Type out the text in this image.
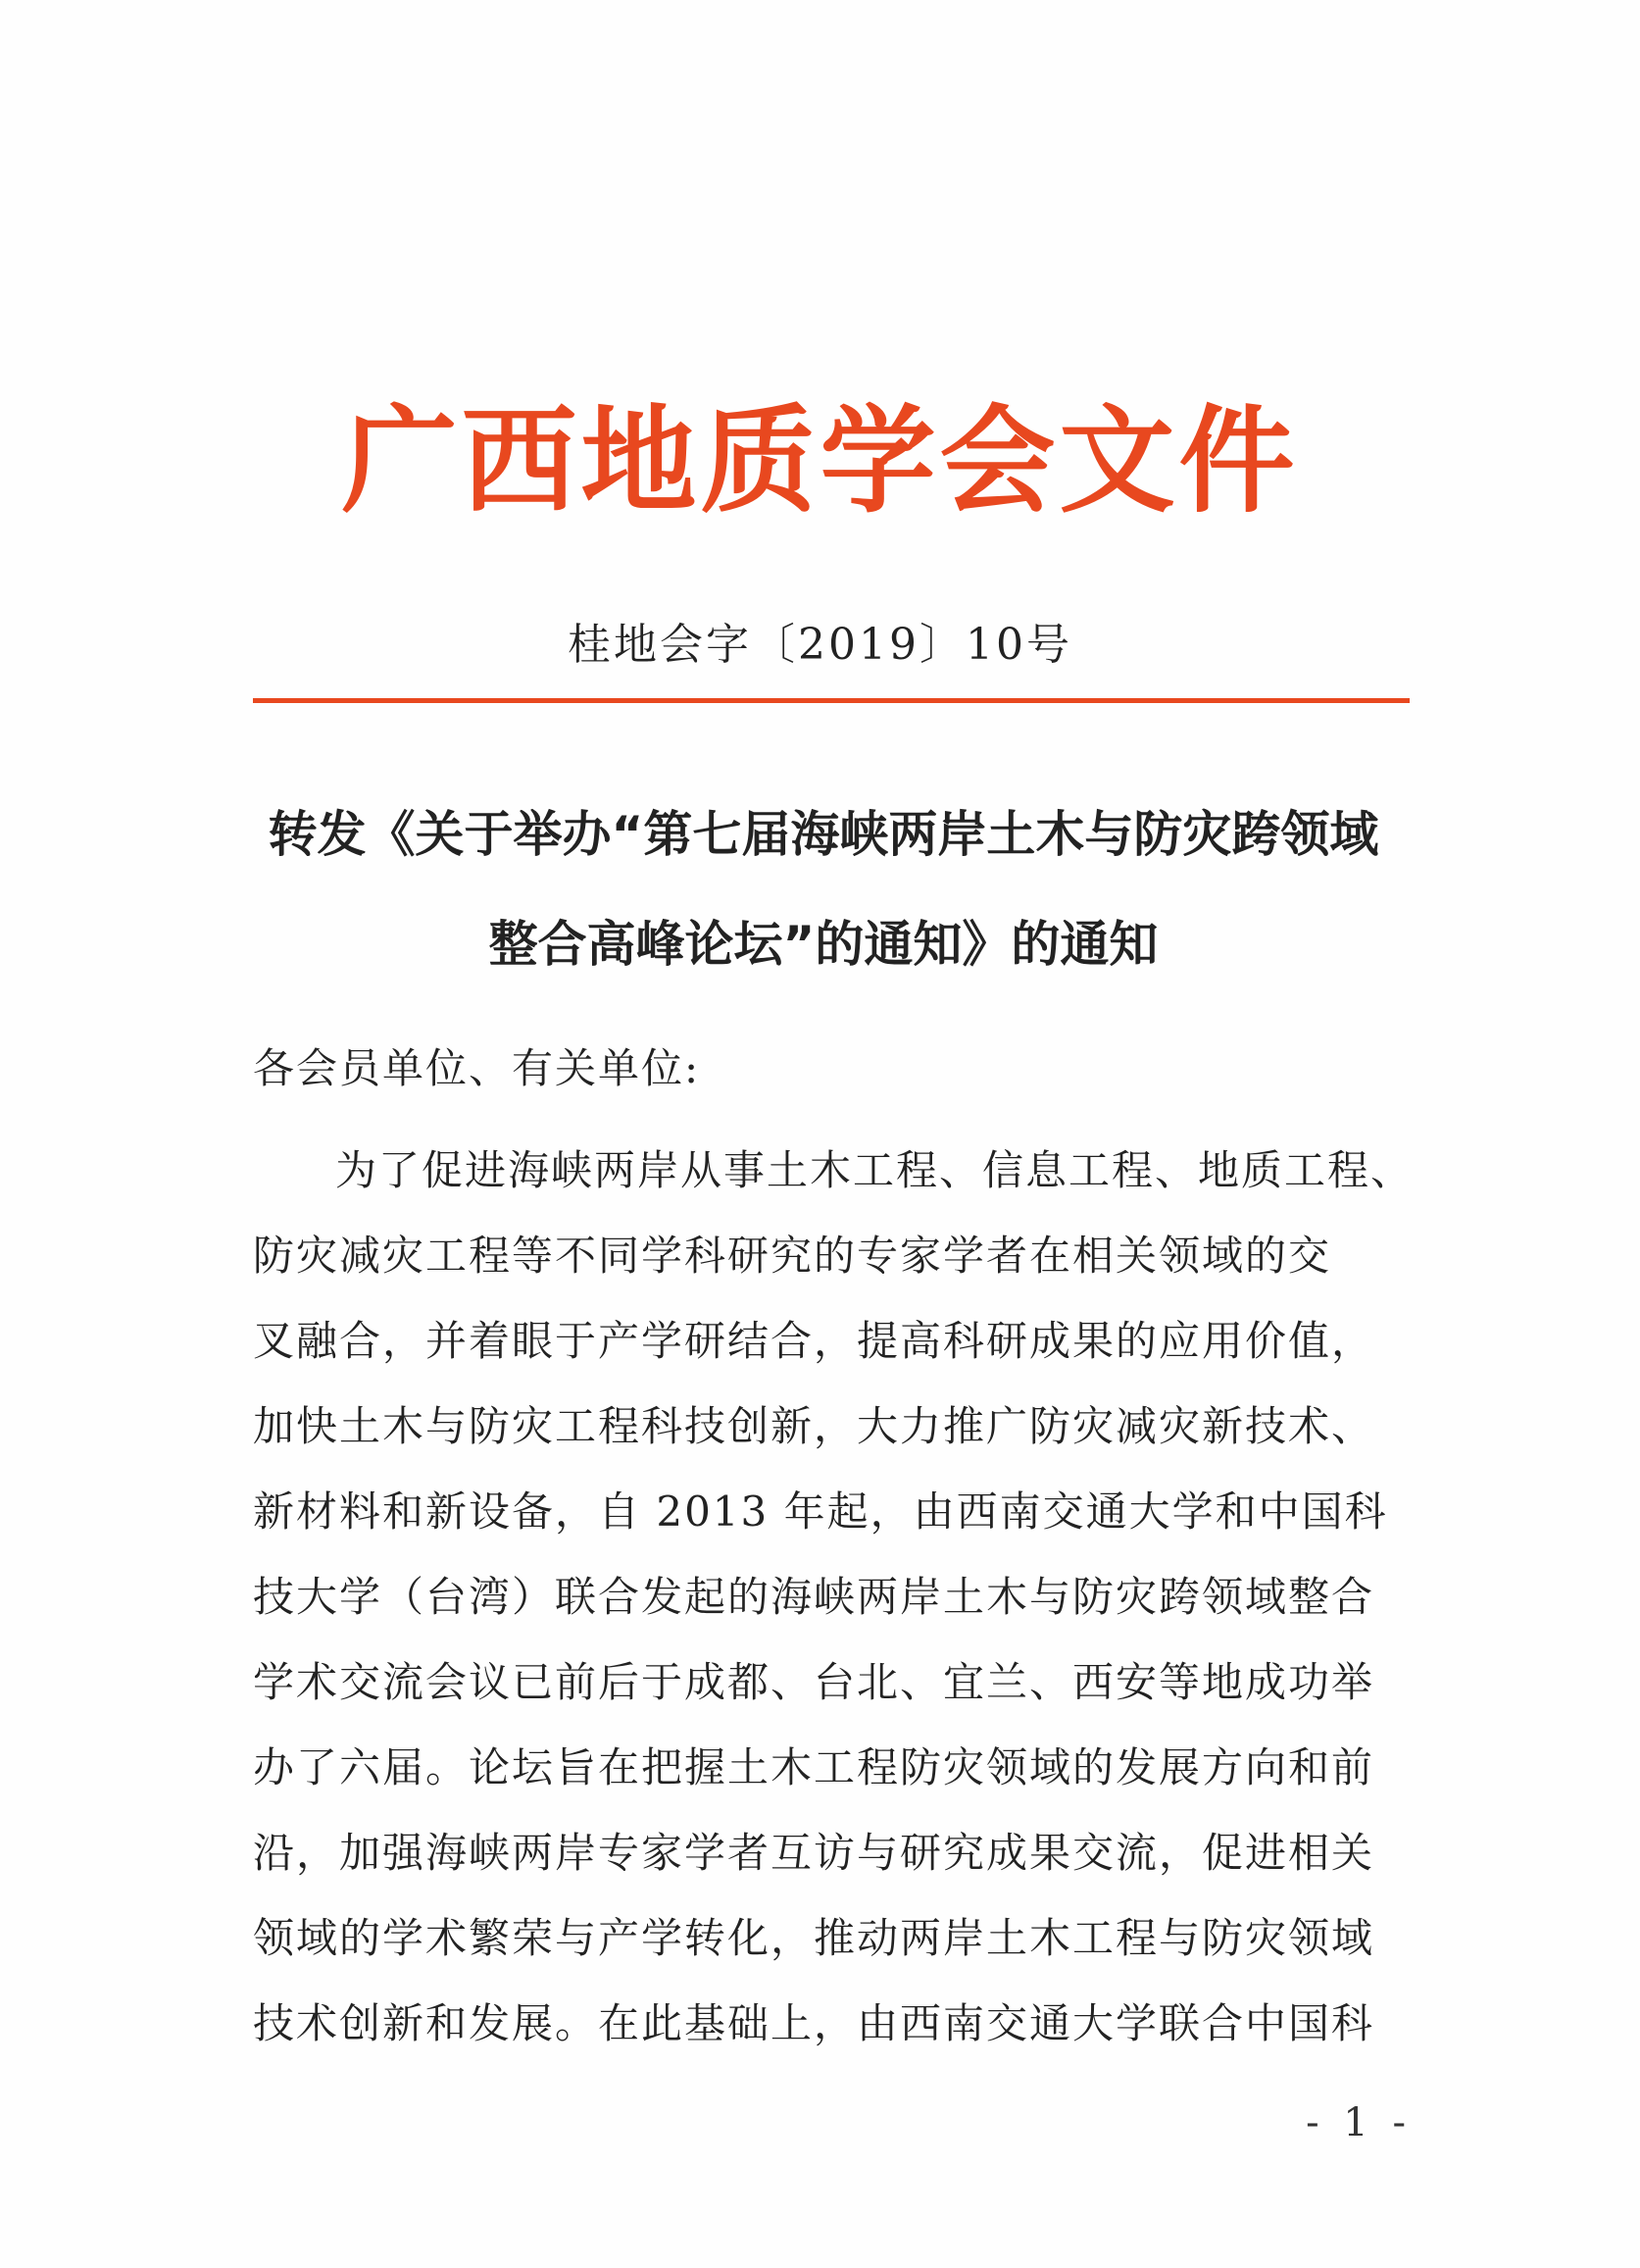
广西地质学会文件
桂地会字〔2019〕10号
转发《关于举办“第七届海峡两岸土木与防灾跨领域
整合高峰论坛”的通知》的通知
各会员单位、有关单位:
为了促进海峡两岸从事土木工程、信息工程、地质工程、
防灾减灾工程等不同学科研究的专家学者在相关领域的交
叉融合，并着眼于产学研结合，提高科研成果的应用价值，
加快土木与防灾工程科技创新，大力推广防灾减灾新技术、
新材料和新设备，自 2013 年起，由西南交通大学和中国科
技大学（台湾）联合发起的海峡两岸土木与防灾跨领域整合
学术交流会议已前后于成都、台北、宜兰、西安等地成功举
办了六届。论坛旨在把握土木工程防灾领域的发展方向和前
沿，加强海峡两岸专家学者互访与研究成果交流，促进相关
领域的学术繁荣与产学转化，推动两岸土木工程与防灾领域
技术创新和发展。在此基础上，由西南交通大学联合中国科
- 1 -
